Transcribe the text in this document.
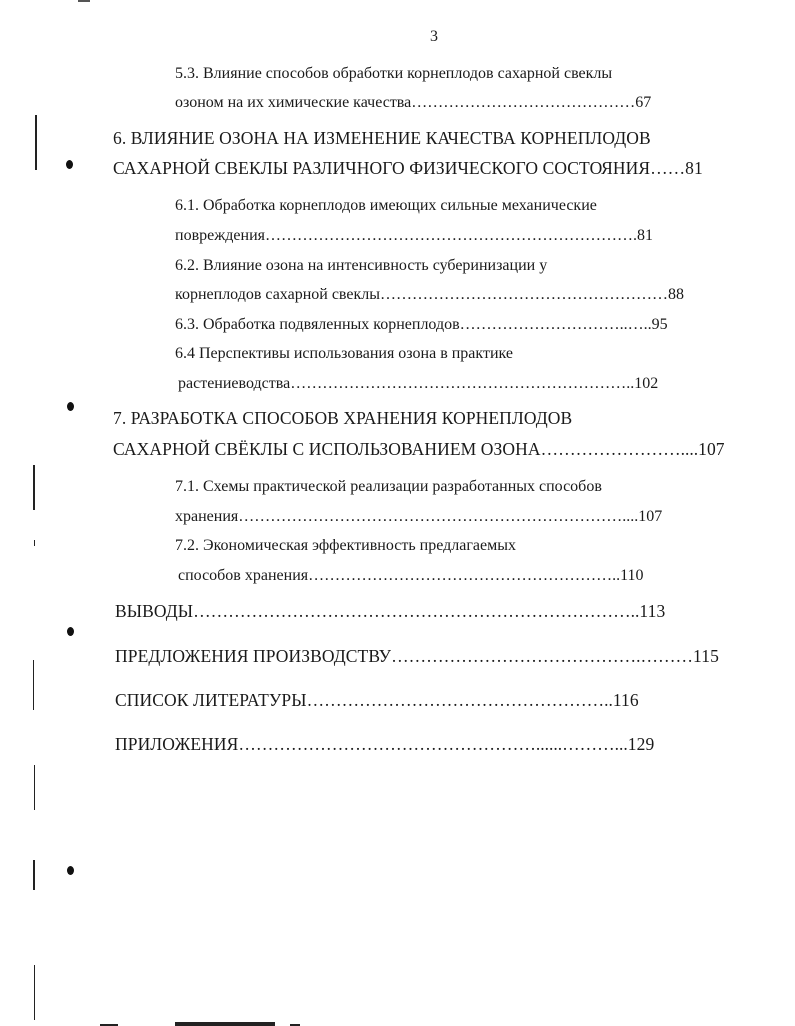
3
5.3. Влияние способов обработки корнеплодов сахарной свеклы
озоном на их химические качества……………………………………67
6. ВЛИЯНИЕ ОЗОНА НА ИЗМЕНЕНИЕ КАЧЕСТВА КОРНЕПЛОДОВ
САХАРНОЙ СВЕКЛЫ РАЗЛИЧНОГО ФИЗИЧЕСКОГО СОСТОЯНИЯ……81
6.1. Обработка корнеплодов имеющих сильные механические
повреждения…………………………………………………………….81
6.2. Влияние озона на интенсивность суберинизации у
корнеплодов сахарной свеклы………………………………………………88
6.3. Обработка подвяленных корнеплодов…………………………..…..95
6.4 Перспективы использования озона в практике
растениеводства………………………………………………………..102
7. РАЗРАБОТКА СПОСОБОВ ХРАНЕНИЯ КОРНЕПЛОДОВ
САХАРНОЙ СВЁКЛЫ С ИСПОЛЬЗОВАНИЕМ ОЗОНА……………………....107
7.1. Схемы практической реализации разработанных способов
хранения………………………………………………………………....107
7.2. Экономическая эффективность предлагаемых
способов хранения…………………………………………………..110
ВЫВОДЫ…………………………………………………………………..113
ПРЕДЛОЖЕНИЯ ПРОИЗВОДСТВУ…………………………………….………115
СПИСОК ЛИТЕРАТУРЫ……………………………………………..116
ПРИЛОЖЕНИЯ……………………………………………......………...129
